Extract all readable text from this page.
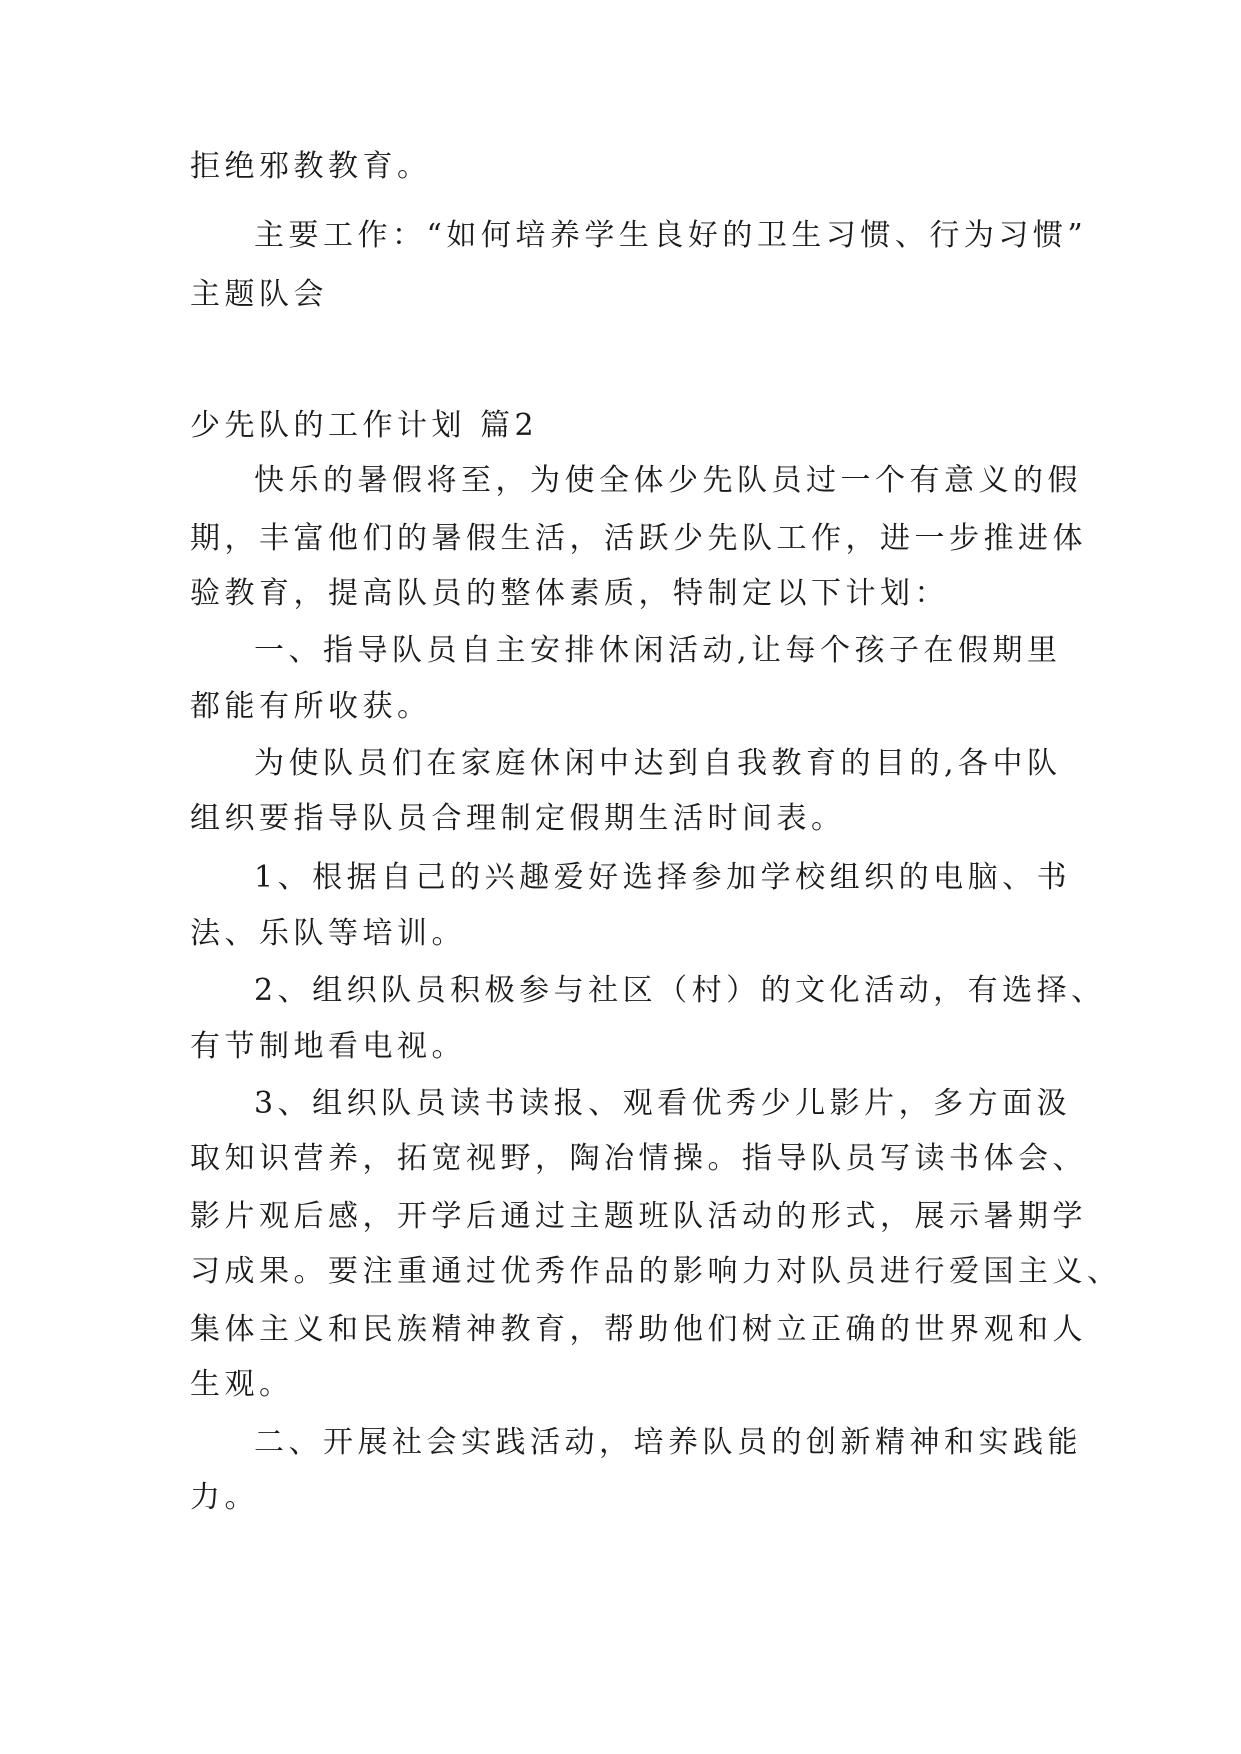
拒绝邪教教育。

主要工作：“如何培养学生良好的卫生习惯、行为习惯”

主题队会

少先队的工作计划 篇2

快乐的暑假将至，为使全体少先队员过一个有意义的假

期，丰富他们的暑假生活，活跃少先队工作，进一步推进体

验教育，提高队员的整体素质，特制定以下计划：

一、指导队员自主安排休闲活动,让每个孩子在假期里

都能有所收获。

为使队员们在家庭休闲中达到自我教育的目的,各中队

组织要指导队员合理制定假期生活时间表。

1、根据自己的兴趣爱好选择参加学校组织的电脑、书

法、乐队等培训。

2、组织队员积极参与社区（村）的文化活动，有选择、

有节制地看电视。

3、组织队员读书读报、观看优秀少儿影片，多方面汲

取知识营养，拓宽视野，陶冶情操。指导队员写读书体会、

影片观后感，开学后通过主题班队活动的形式，展示暑期学

习成果。要注重通过优秀作品的影响力对队员进行爱国主义、

集体主义和民族精神教育，帮助他们树立正确的世界观和人

生观。

二、开展社会实践活动，培养队员的创新精神和实践能

力。
